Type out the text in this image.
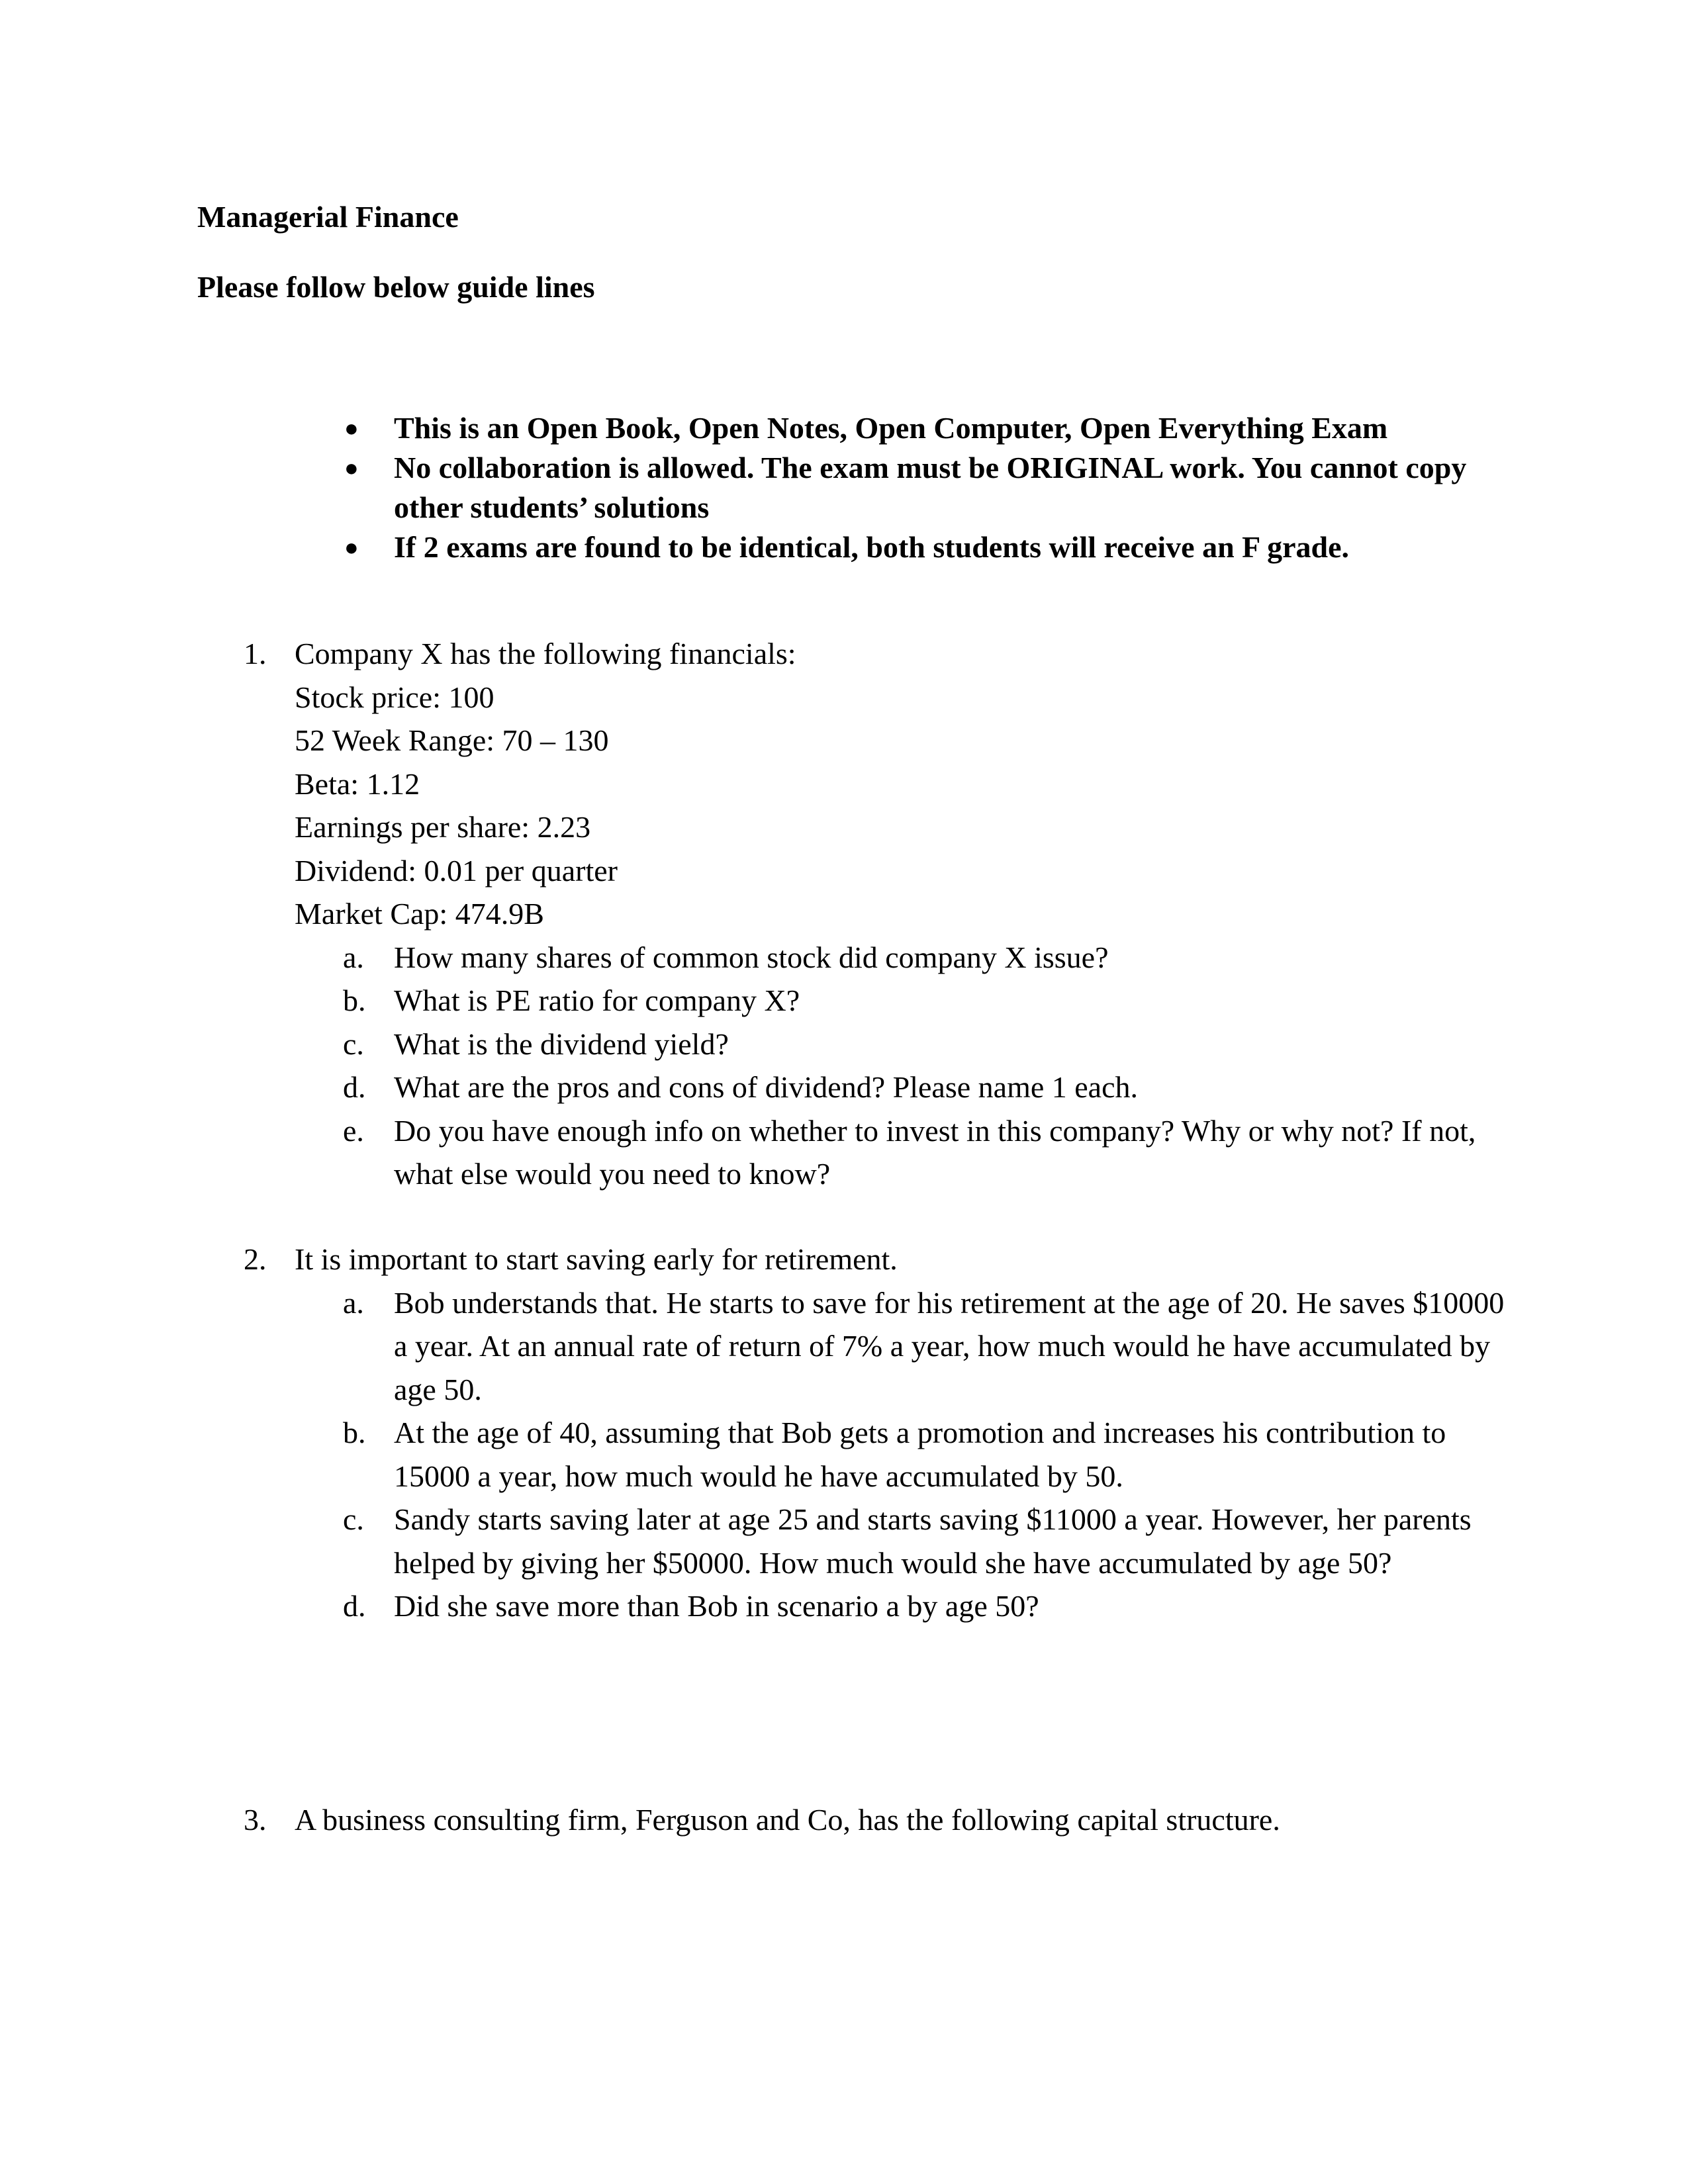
Managerial Finance
Please follow below guide lines
● This is an Open Book, Open Notes, Open Computer, Open Everything Exam
● No collaboration is allowed. The exam must be ORIGINAL work. You cannot copy other students’ solutions
● If 2 exams are found to be identical, both students will receive an F grade.
1. Company X has the following financials:
Stock price: 100
52 Week Range: 70 – 130
Beta: 1.12
Earnings per share: 2.23
Dividend: 0.01 per quarter
Market Cap: 474.9B
a. How many shares of common stock did company X issue?
b. What is PE ratio for company X?
c. What is the dividend yield?
d. What are the pros and cons of dividend? Please name 1 each.
e. Do you have enough info on whether to invest in this company? Why or why not? If not, what else would you need to know?
2. It is important to start saving early for retirement.
a. Bob understands that. He starts to save for his retirement at the age of 20. He saves $10000 a year. At an annual rate of return of 7% a year, how much would he have accumulated by age 50.
b. At the age of 40, assuming that Bob gets a promotion and increases his contribution to 15000 a year, how much would he have accumulated by 50.
c. Sandy starts saving later at age 25 and starts saving $11000 a year. However, her parents helped by giving her $50000. How much would she have accumulated by age 50?
d. Did she save more than Bob in scenario a by age 50?
3. A business consulting firm, Ferguson and Co, has the following capital structure.
